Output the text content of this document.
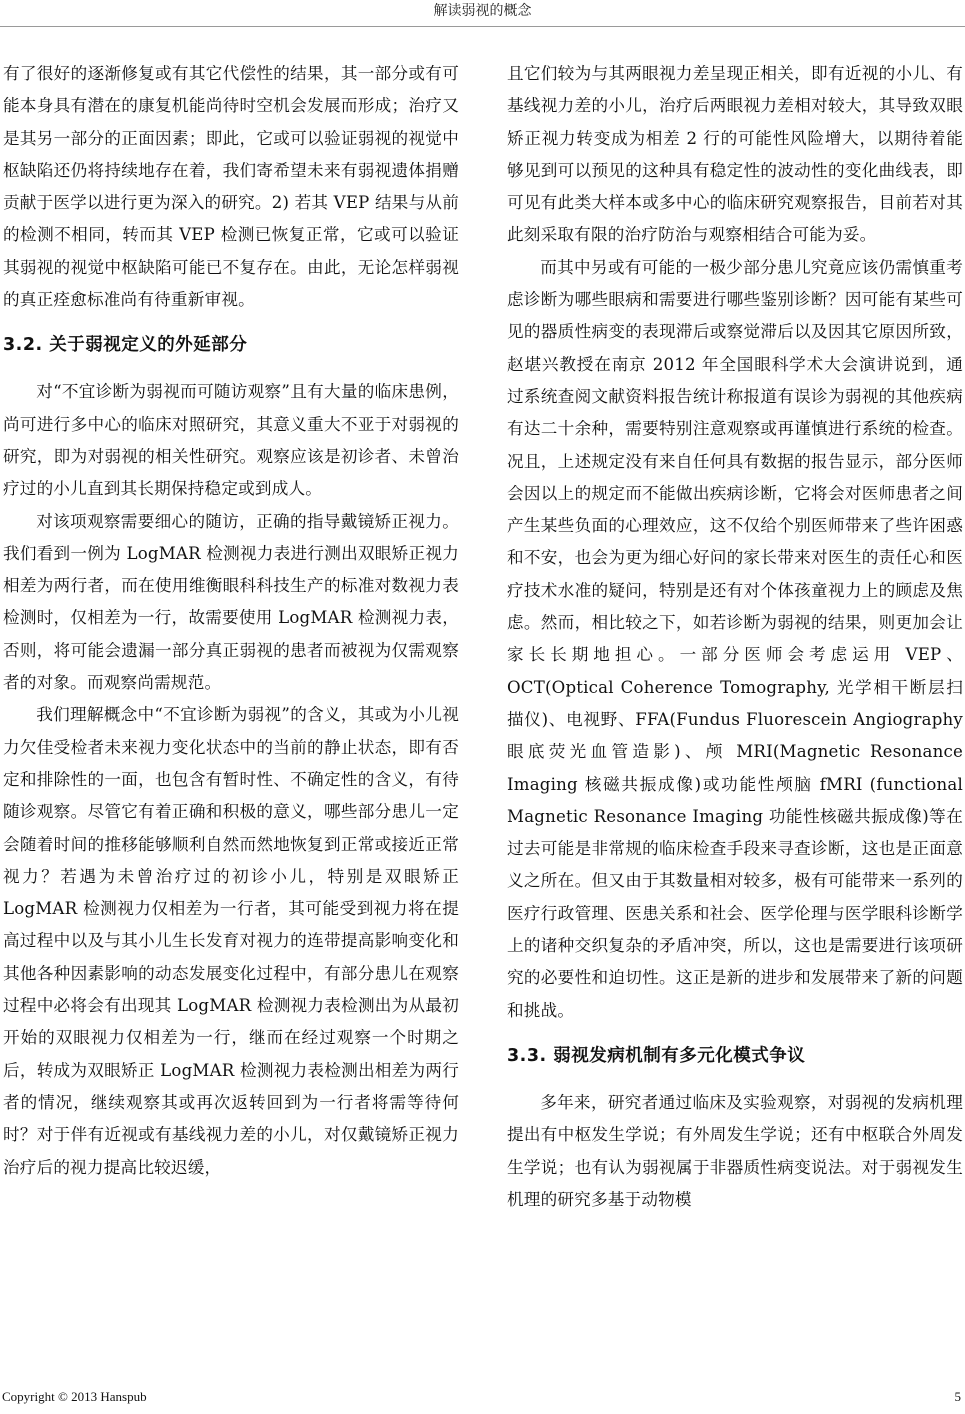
解读弱视的概念

有了很好的逐渐修复或有其它代偿性的结果，其一部分或有可能本身具有潜在的康复机能尚待时空机会发展而形成；治疗又是其另一部分的正面因素；即此，它或可以验证弱视的视觉中枢缺陷还仍将持续地存在着，我们寄希望未来有弱视遗体捐赠贡献于医学以进行更为深入的研究。2) 若其 VEP 结果与从前的检测不相同，转而其 VEP 检测已恢复正常，它或可以验证其弱视的视觉中枢缺陷可能已不复存在。由此，无论怎样弱视的真正痊愈标准尚有待重新审视。

3.2. 关于弱视定义的外延部分

对“不宜诊断为弱视而可随访观察”且有大量的临床患例，尚可进行多中心的临床对照研究，其意义重大不亚于对弱视的研究，即为对弱视的相关性研究。观察应该是初诊者、未曾治疗过的小儿直到其长期保持稳定或到成人。

对该项观察需要细心的随访，正确的指导戴镜矫正视力。我们看到一例为 LogMAR 检测视力表进行测出双眼矫正视力相差为两行者，而在使用维衡眼科科技生产的标准对数视力表检测时，仅相差为一行，故需要使用 LogMAR 检测视力表，否则，将可能会遗漏一部分真正弱视的患者而被视为仅需观察者的对象。而观察尚需规范。

我们理解概念中“不宜诊断为弱视”的含义，其或为小儿视力欠佳受检者未来视力变化状态中的当前的静止状态，即有否定和排除性的一面，也包含有暂时性、不确定性的含义，有待随诊观察。尽管它有着正确和积极的意义，哪些部分患儿一定会随着时间的推移能够顺利自然而然地恢复到正常或接近正常视力？若遇为未曾治疗过的初诊小儿，特别是双眼矫正 LogMAR 检测视力仅相差为一行者，其可能受到视力将在提高过程中以及与其小儿生长发育对视力的连带提高影响变化和其他各种因素影响的动态发展变化过程中，有部分患儿在观察过程中必将会有出现其 LogMAR 检测视力表检测出为从最初开始的双眼视力仅相差为一行，继而在经过观察一个时期之后，转成为双眼矫正 LogMAR 检测视力表检测出相差为两行者的情况，继续观察其或再次返转回到为一行者将需等待何时？对于伴有近视或有基线视力差的小儿，对仅戴镜矫正视力治疗后的视力提高比较迟缓，

且它们较为与其两眼视力差呈现正相关，即有近视的小儿、有基线视力差的小儿，治疗后两眼视力差相对较大，其导致双眼矫正视力转变成为相差 2 行的可能性风险增大，以期待着能够见到可以预见的这种具有稳定性的波动性的变化曲线表，即可见有此类大样本或多中心的临床研究观察报告，目前若对其此刻采取有限的治疗防治与观察相结合可能为妥。

而其中另或有可能的一极少部分患儿究竟应该仍需慎重考虑诊断为哪些眼病和需要进行哪些鉴别诊断？因可能有某些可见的器质性病变的表现滞后或察觉滞后以及因其它原因所致，赵堪兴教授在南京 2012 年全国眼科学术大会演讲说到，通过系统查阅文献资料报告统计称报道有误诊为弱视的其他疾病有达二十余种，需要特别注意观察或再谨慎进行系统的检查。况且，上述规定没有来自任何具有数据的报告显示，部分医师会因以上的规定而不能做出疾病诊断，它将会对医师患者之间产生某些负面的心理效应，这不仅给个别医师带来了些许困惑和不安，也会为更为细心好问的家长带来对医生的责任心和医疗技术水准的疑问，特别是还有对个体孩童视力上的顾虑及焦虑。然而，相比较之下，如若诊断为弱视的结果，则更加会让家长长期地担心。一部分医师会考虑运用 VEP、OCT(Optical Coherence Tomography, 光学相干断层扫描仪)、电视野、FFA(Fundus Fluorescein Angiography 眼底荧光血管造影)、颅 MRI(Magnetic Resonance Imaging 核磁共振成像)或功能性颅脑 fMRI (functional Magnetic Resonance Imaging 功能性核磁共振成像)等在过去可能是非常规的临床检查手段来寻查诊断，这也是正面意义之所在。但又由于其数量相对较多，极有可能带来一系列的医疗行政管理、医患关系和社会、医学伦理与医学眼科诊断学上的诸种交织复杂的矛盾冲突，所以，这也是需要进行该项研究的必要性和迫切性。这正是新的进步和发展带来了新的问题和挑战。

3.3. 弱视发病机制有多元化模式争议

多年来，研究者通过临床及实验观察，对弱视的发病机理提出有中枢发生学说；有外周发生学说；还有中枢联合外周发生学说；也有认为弱视属于非器质性病变说法。对于弱视发生机理的研究多基于动物模

Copyright © 2013 Hanspub	5
